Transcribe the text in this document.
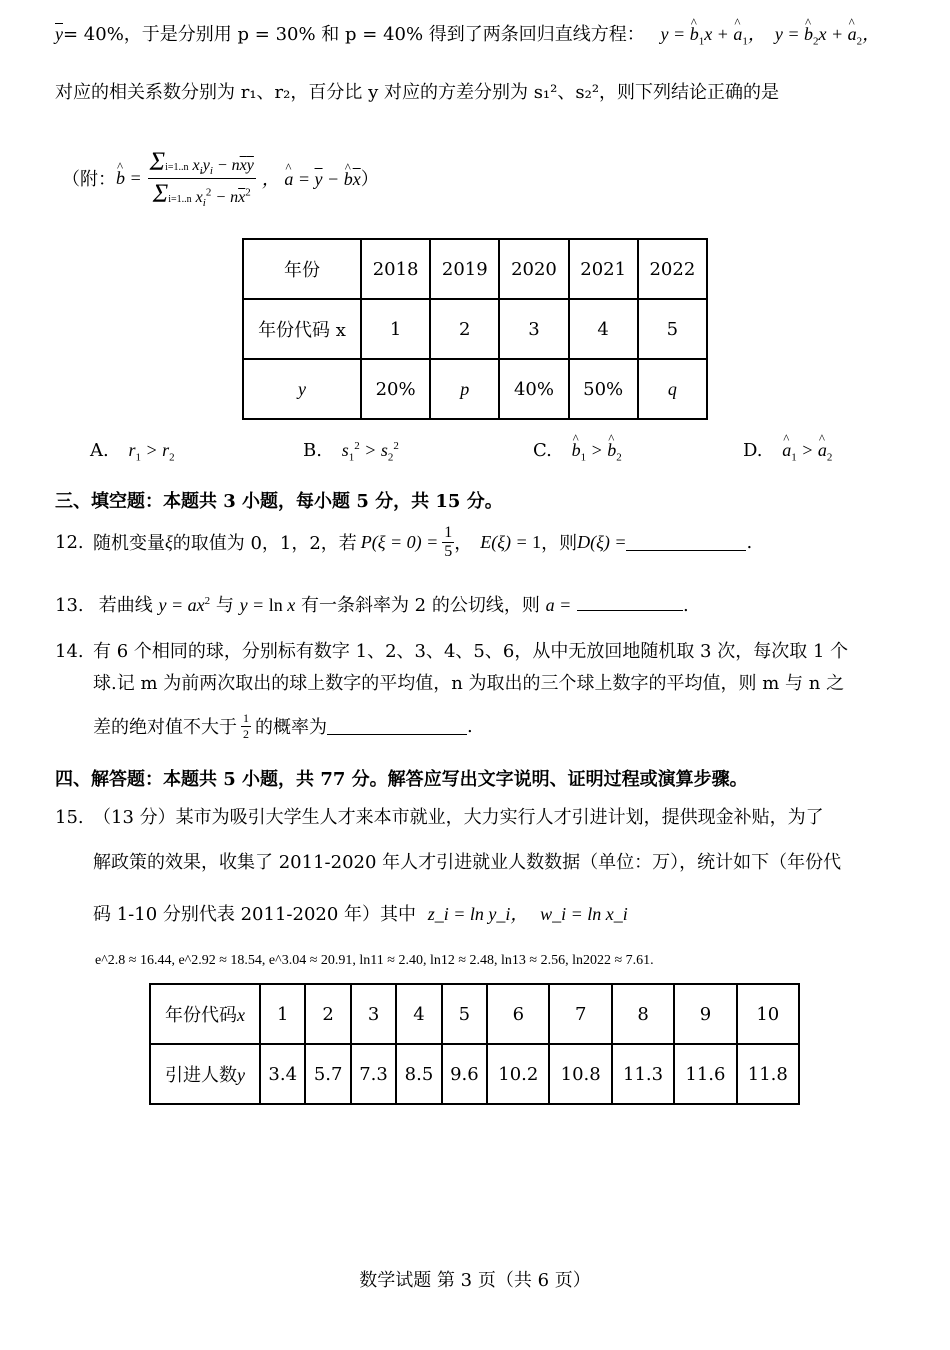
$\overline{y}= 40\%$，于是分别用 p = 30% 和 p = 40% 得到了两条回归直线方程： y = ^ $b_1x$ + ^ $a_1$，  y = ^ $b_2x$ + ^ $a_2$，
对应的相关系数分别为 r₁、r₂，百分比 y 对应的方差分别为 s₁²、s₂²，则下列结论正确的是
（附： ^ $b = \frac{\Sigma i=1..n x_iy_i - n\overline{x}\overline{y}}{\Sigma i=1..n x_i^2 - n\overline{x}^2}$ ， ^ $a = \overline{y}$ − ^ $b\overline{x}$ ）
年份	2018	2019	2020	2021	2022
年份代码 x	1	2	3	4	5
y	20%	p	40%	50%	q
A. $r_1 > r_2$	B. $s_1^2 > s_2^2$	C. ^ $b_1$ > ^ $b_2$	D. ^ $a_1$ > ^ $a_2$
三、填空题：本题共 3 小题，每小题 5 分，共 15 分。
12. 随机变量 ξ 的取值为 0，1，2，若 $P(\xi = 0) = \frac{1}{5}$ ， E(ξ) = 1 ，则 D(ξ) =	.
13. 若曲线 $y = ax^2$ 与 y = ln x 有一条斜率为 2 的公切线，则 a =	.
14. 有 6 个相同的球，分别标有数字 1、2、3、4、5、6，从中无放回地随机取 3 次，每次取 1 个
球.记 m 为前两次取出的球上数字的平均值，n 为取出的三个球上数字的平均值，则 m 与 n 之
差的绝对值不大于 $\frac{1}{2}$ 的概率为	.
四、解答题：本题共 5 小题，共 77 分。解答应写出文字说明、证明过程或演算步骤。
15. （13 分）某市为吸引大学生人才来本市就业，大力实行人才引进计划，提供现金补贴，为了
解政策的效果，收集了 2011-2020 年人才引进就业人数数据（单位：万），统计如下（年份代
码 1-10 分别代表 2011-2020 年）其中 z_i = ln y_i， w_i = ln x_i
e^2.8 ≈ 16.44, e^2.92 ≈ 18.54, e^3.04 ≈ 20.91, ln11 ≈ 2.40, ln12 ≈ 2.48, ln13 ≈ 2.56, ln2022 ≈ 7.61.
年份代码x	1	2	3	4	5	6	7	8	9	10
引进人数y	3.4	5.7	7.3	8.5	9.6	10.2	10.8	11.3	11.6	11.8
数学试题 第 3 页（共 6 页）
